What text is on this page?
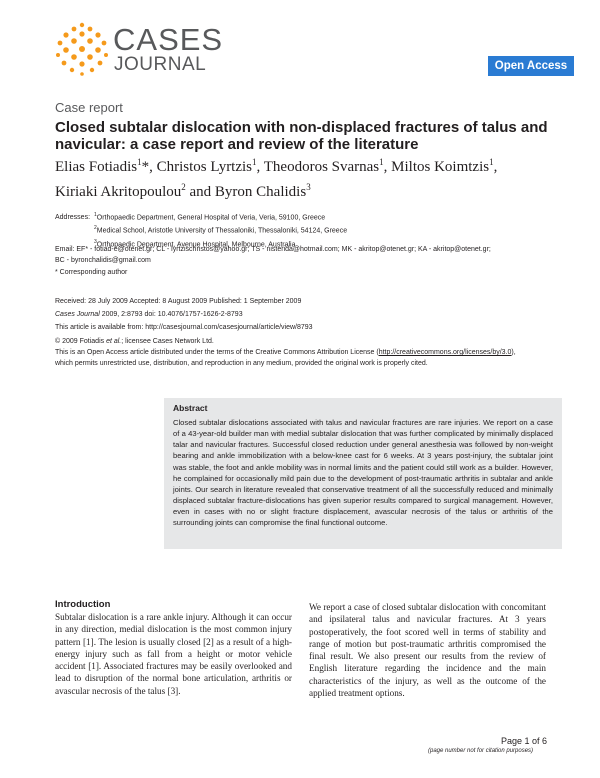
CASES
JOURNAL	Open Access
Case report
Closed subtalar dislocation with non-displaced fractures of talus and navicular: a case report and review of the literature
Elias Fotiadis$^1$*, Christos Lyrtzis$^1$, Theodoros Svarnas$^1$, Miltos Koimtzis$^1$,
Kiriaki Akritopoulou$^2$ and Byron Chalidis$^3$
Addresses: $^1$Orthopaedic Department, General Hospital of Veria, Veria, 59100, Greece
$^2$Medical School, Aristotle University of Thessaloniki, Thessaloniki, 54124, Greece
$^3$Orthopaedic Department, Avenue Hospital, Melbourne, Australia
Email: EF* - fotiad-e@otenet.gr; CL - lyrtzischristos@yahoo.gr; TS - nisterida@hotmail.com; MK - akritop@otenet.gr; KA - akritop@otenet.gr;
BC - byronchalidis@gmail.com
* Corresponding author
Received: 28 July 2009 Accepted: 8 August 2009 Published: 1 September 2009
Cases Journal 2009, 2:8793 doi: 10.4076/1757-1626-2-8793
This article is available from: http://casesjournal.com/casesjournal/article/view/8793
© 2009 Fotiadis et al.; licensee Cases Network Ltd.
This is an Open Access article distributed under the terms of the Creative Commons Attribution License (http://creativecommons.org/licenses/by/3.0),
which permits unrestricted use, distribution, and reproduction in any medium, provided the original work is properly cited.
Abstract

Closed subtalar dislocations associated with talus and navicular fractures are rare injuries. We report on a case of a 43-year-old builder man with medial subtalar dislocation that was further complicated by minimally displaced talar and navicular fractures. Successful closed reduction under general anesthesia was followed by non-weight bearing and ankle immobilization with a below-knee cast for 6 weeks. At 3 years post-injury, the subtalar joint was stable, the foot and ankle mobility was in normal limits and the patient could still work as a builder. However, he complained for occasionally mild pain due to the development of post-traumatic arthritis in subtalar and ankle joints. Our search in literature revealed that conservative treatment of all the successfully reduced and minimally displaced subtalar fracture-dislocations has given superior results compared to surgical management. However, even in cases with no or slight fracture displacement, avascular necrosis of the talus or arthritis of the surrounding joints can compromise the final functional outcome.

Introduction

Subtalar dislocation is a rare ankle injury. Although it can occur in any direction, medial dislocation is the most common injury pattern [1]. The lesion is usually closed [2] as a result of a high-energy injury such as fall from a height or motor vehicle accident [1]. Associated fractures may be easily overlooked and lead to disruption of the normal bone articulation, arthritis or avascular necrosis of the talus [3].

We report a case of closed subtalar dislocation with concomitant and ipsilateral talus and navicular fractures. At 3 years postoperatively, the foot scored well in terms of stability and range of motion but post-traumatic arthritis compromised the final result. We also present our results from the review of English literature regarding the incidence and the main characteristics of the injury, as well as the outcome of the applied treatment options.

Page 1 of 6
(page number not for citation purposes)
